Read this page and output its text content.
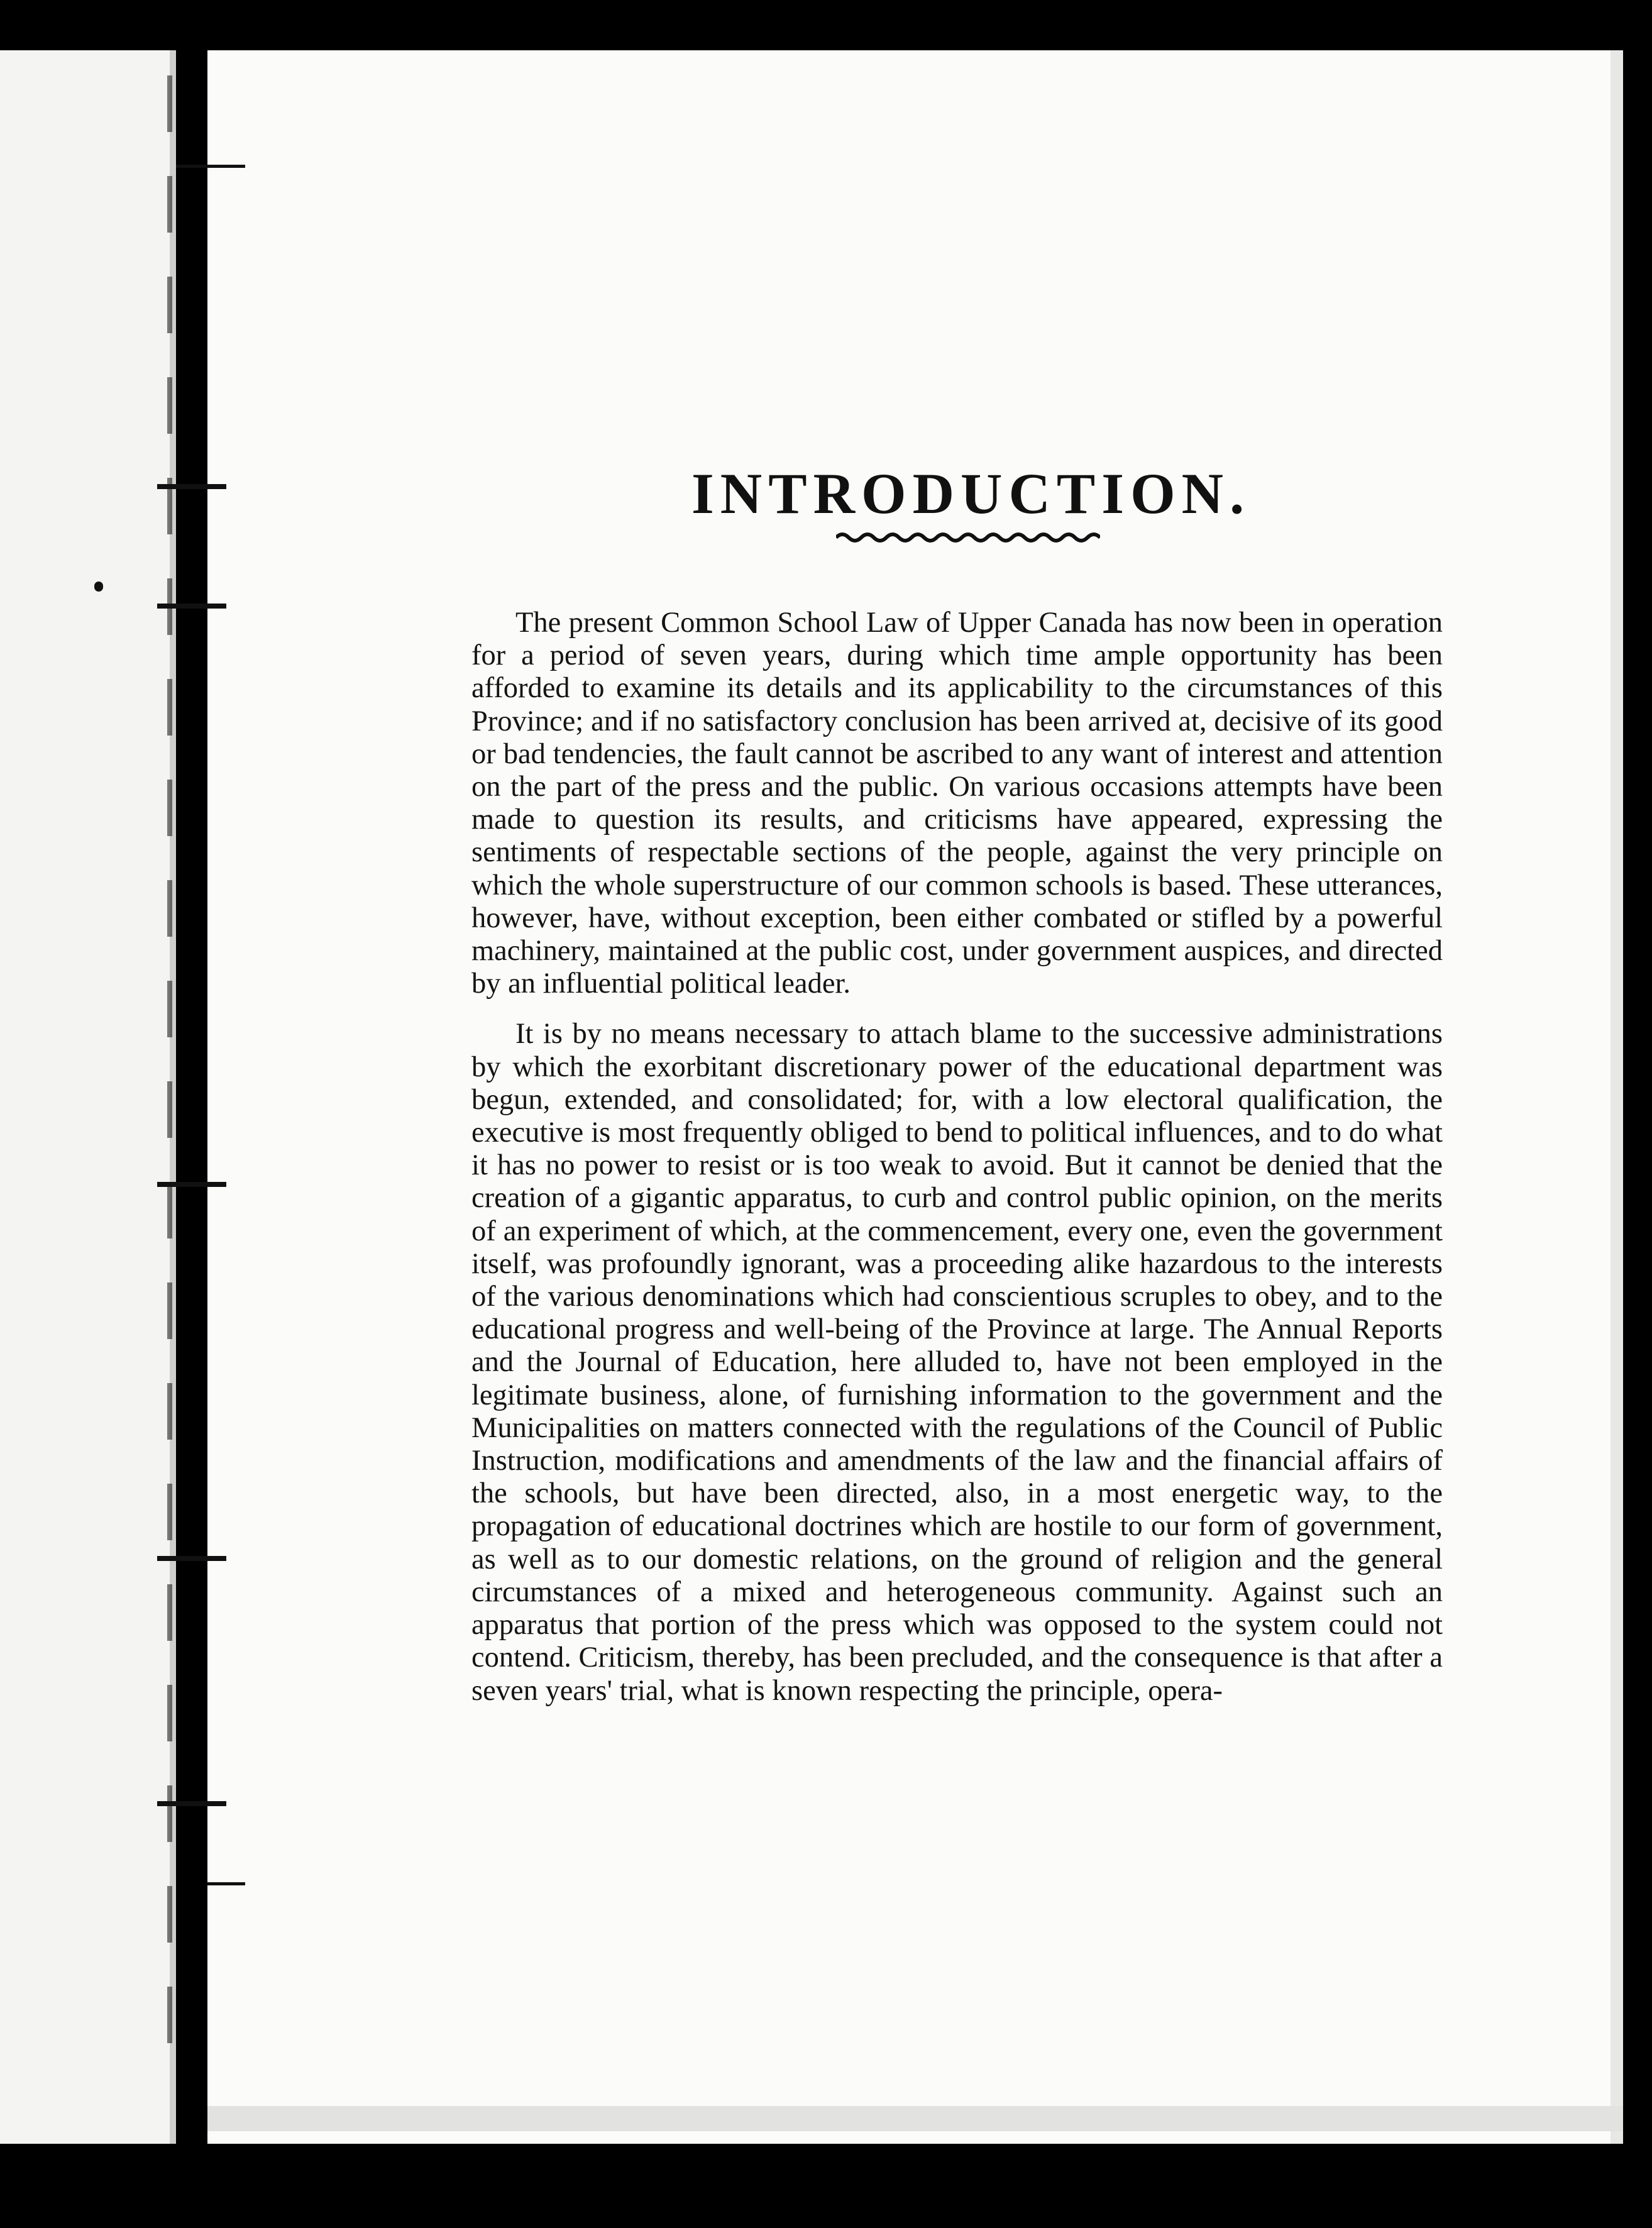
INTRODUCTION.

The present Common School Law of Upper Canada has now been in operation for a period of seven years, during which time ample opportunity has been afforded to examine its details and its applicability to the circumstances of this Province; and if no satisfactory conclusion has been arrived at, decisive of its good or bad tendencies, the fault cannot be ascribed to any want of interest and attention on the part of the press and the public. On various occasions attempts have been made to question its results, and criticisms have appeared, expressing the sentiments of respectable sections of the people, against the very principle on which the whole superstructure of our common schools is based. These utterances, however, have, without exception, been either combated or stifled by a powerful machinery, maintained at the public cost, under government auspices, and directed by an influential political leader.

It is by no means necessary to attach blame to the successive administrations by which the exorbitant discretionary power of the educational department was begun, extended, and consolidated; for, with a low electoral qualification, the executive is most frequently obliged to bend to political influences, and to do what it has no power to resist or is too weak to avoid. But it cannot be denied that the creation of a gigantic apparatus, to curb and control public opinion, on the merits of an experiment of which, at the commencement, every one, even the government itself, was profoundly ignorant, was a proceeding alike hazardous to the interests of the various denominations which had conscientious scruples to obey, and to the educational progress and well-being of the Province at large. The Annual Reports and the Journal of Education, here alluded to, have not been employed in the legitimate business, alone, of furnishing information to the government and the Municipalities on matters connected with the regulations of the Council of Public Instruction, modifications and amendments of the law and the financial affairs of the schools, but have been directed, also, in a most energetic way, to the propagation of educational doctrines which are hostile to our form of government, as well as to our domestic relations, on the ground of religion and the general circumstances of a mixed and heterogeneous community. Against such an apparatus that portion of the press which was opposed to the system could not contend. Criticism, thereby, has been precluded, and the consequence is that after a seven years' trial, what is known respecting the principle, opera-
